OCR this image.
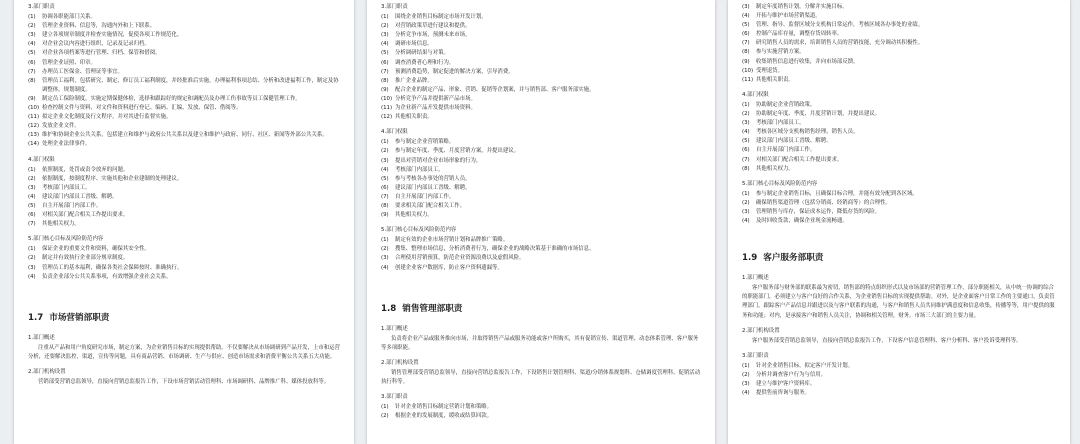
3.部门职责
(1) 协调各职能部门关系。
(2) 管理企业资料、信息等，沟通内外和上下联系。
(3) 建立各项规章制度并检查实施情况，促使各项工作规范化。
(4) 对企业会议内容进行组织、记录及记录归档。
(5) 对企业各项档案等进行管理、归档、保管和借阅。
(6) 管理企业证照、印章。
(7) 办理员工医保金、管理证等事宜。
(8) 管理员工福利，包括研究、制定、修订员工福利制度，并经批准后实施，办理福利事项总结、分析和改进福利工作，制定及协调整体，规划制度。
(9) 制定员工保险制度，实施定期保健体检，选择和跟踪好的规定和调配员及办理工伤事故等员工保健管理工作。
(10) 检查控制文件与资料，对文件和资料进行登记、编码、汇编、发放、保管、借阅等。
(11) 拟定企业文化制度及行文程序，并对其进行监督实施。
(12) 发放企业文件。
(13) 维护和协调企业公共关系，包括建立和维护与政府公共关系以及建立和维护与政府、同行、社区、新闻等外部公共关系。
(14) 处理企业法律事件。
4.部门权限
(1) 依照制度，处罚或责令放弃的问题。
(2) 依据制度，按制度程序、实施其他和企业建制的处理建议。
(3) 考核部门内部员工。
(4) 建议部门内部员工晋级、解聘。
(5) 自主开展部门内部工作。
(6) 对相关部门配合相关工作提出要求。
(7) 其他相关权力。
5.部门核心目标及风险防范内容
(1) 保证企业的重要文件和资料，确保其安全性。
(2) 制定并有效执行企业部分规章制度。
(3) 管理员工的基本福利，确保各类社会保障按时、准确执行。
(4) 负责企业部分公共关系事项，有效增强企业社会关系。
1.7 市场营销部职责
1.部门概述

注重从产品和用户角度研究市场，制定方案，为企业销售目标的实现提供帮助。不仅要解决从市场调研到产品开发，上市和运营分析，还要解决监控，渠道，宣传等问题，具有商品营销、市场调研、生产与供应、创造市场需求和消费平衡公共关系五大功能。

2.部门机构设置

营销部受营销总监领导，直接向营销总监报告工作，下设市场营销活动管理科、市场调研科、品牌推广科、媒体投放科等。

3.部门职责
(1) 围绕企业销售目标制定市场开发计划。
(2) 对营销政策草进行建议和提供。
(3) 分析竞争市场，预测未来市场。
(4) 调研市场信息。
(5) 分析调研结果与对策。
(6) 调查消费者心理和行为。
(7) 预测消费趋势，制定促进的解决方案，引导消费。
(8) 推广企业品牌。
(9) 配合企业的制定产品、形象、营销、促销等企划案，并与销售部、客户服务部实施。
(10) 分析竞争产品并提供新产品市场。
(11) 为企业新产品开发提供市场资料。
(12) 其他相关职责。
4.部门权限
(1) 参与制定企业营销策略。
(2) 参与制定年度、季度、月度营销方案，并提出建议。
(3) 提出对营销对企业市场形象的行为。
(4) 考核部门内部员工。
(5) 参与考核各办事处的营销人员。
(6) 建议部门内部员工晋级、解聘。
(7) 自主开展部门内部工作。
(8) 要求相关部门配合相关工作。
(9) 其他相关权力。
5.部门核心目标及风险防范内容
(1) 制定有效的企业市场营销计划和品牌推广策略。
(2) 搜集、整理市场信息，分析消费者行为，确保企业的战略决策基于准确的市场信息。
(3) 合理使用营销预算，防范企业资源浪费以及虚假风险。
(4) 创建企业客户数据库，防止客户资料遗漏等。
1.8 销售管理部职责
1.部门概述

负责将企业产品或服务推向市场，并取得销售产品或服务功能或客户所购买，其有促销宣传、渠道管理、动态体系管理、客户服务等多项职能。

2.部门机构设置

销售管理部受营销总监领导，直接向营销总监报告工作，下设销售计划管理科、渠道/分销体系规划科、仓储调度管理科、促销活动执行科等。

3.部门职责
(1) 针对企业销售目标制定营销计划和策略。
(2) 根据企业的发展制度，缓收或结算回款。
(3) 制定年度销售计划，分解并实施目标。
(4) 开拓与维护市场营销渠道。
(5) 管理、指导、监督区域分支机构日常运作，考核区域各办事处的业绩。
(6) 控制产品库存量，调整存货周转率。
(7) 研究销售人员的需求，培训销售人员的营销技能，充分调动其积极性。
(8) 参与实施营销方案。
(9) 收集销售信息进行收集，并向市场部反馈。
(10) 受理退货。
(11) 其他相关职责。
4.部门权限
(1) 协助制定企业营销政策。
(2) 协助制定年度、季度、月度营销计划，并提出建议。
(3) 考核部门内部员工。
(4) 考核各区域分支机构销售经理、销售人员。
(5) 建议部门内部员工晋级、解聘。
(6) 自主开展部门内部工作。
(7) 对相关部门配合相关工作提出要求。
(8) 其他相关权力。
5.部门核心目标及风险防范内容
(1) 参与制定企业销售目标，且确保目标合理，并能有效分配到各区域。
(2) 确保销售渠道管理（包括分销商、经销商等）的合理性。
(3) 管理销售与库存，保证成本运作，降低存货的风险。
(4) 及时回收货款，确保企业现金流畅通。
1.9 客户服务部职责
1.部门概述

客户服务部与财务部的联系最为密切，销售部的特点组织形式以及市场部的营销管理工作，部分职能相关，从中统一协调的综合的职能部门，必须建立与客户良好的合作关系，为企业销售目标的实现提供帮助。对外，是企业面客户日常工作的主要通口，负责管理部门，跟踪客户产品信息并跟进以及与客户联系的沟通，与客户和销售人员共同维护满意度和信息收集，传播等等，用户提供的服务和功能；对内，是承接客户和销售人员关注，协调和相关管理，财务，市场三大部门的主要力量。

2.部门机构设置

客户服务部受营销总监领导，直接向营销总监报告工作，下设客户信息管理科、客户分析科、客户投诉受理科等。

3.部门职责
(1) 针对企业销售目标，拟定客户开发计划。
(2) 分析并调查客户行为与信用。
(3) 建立与维护客户资料库。
(4) 提供售前咨询与服务。
